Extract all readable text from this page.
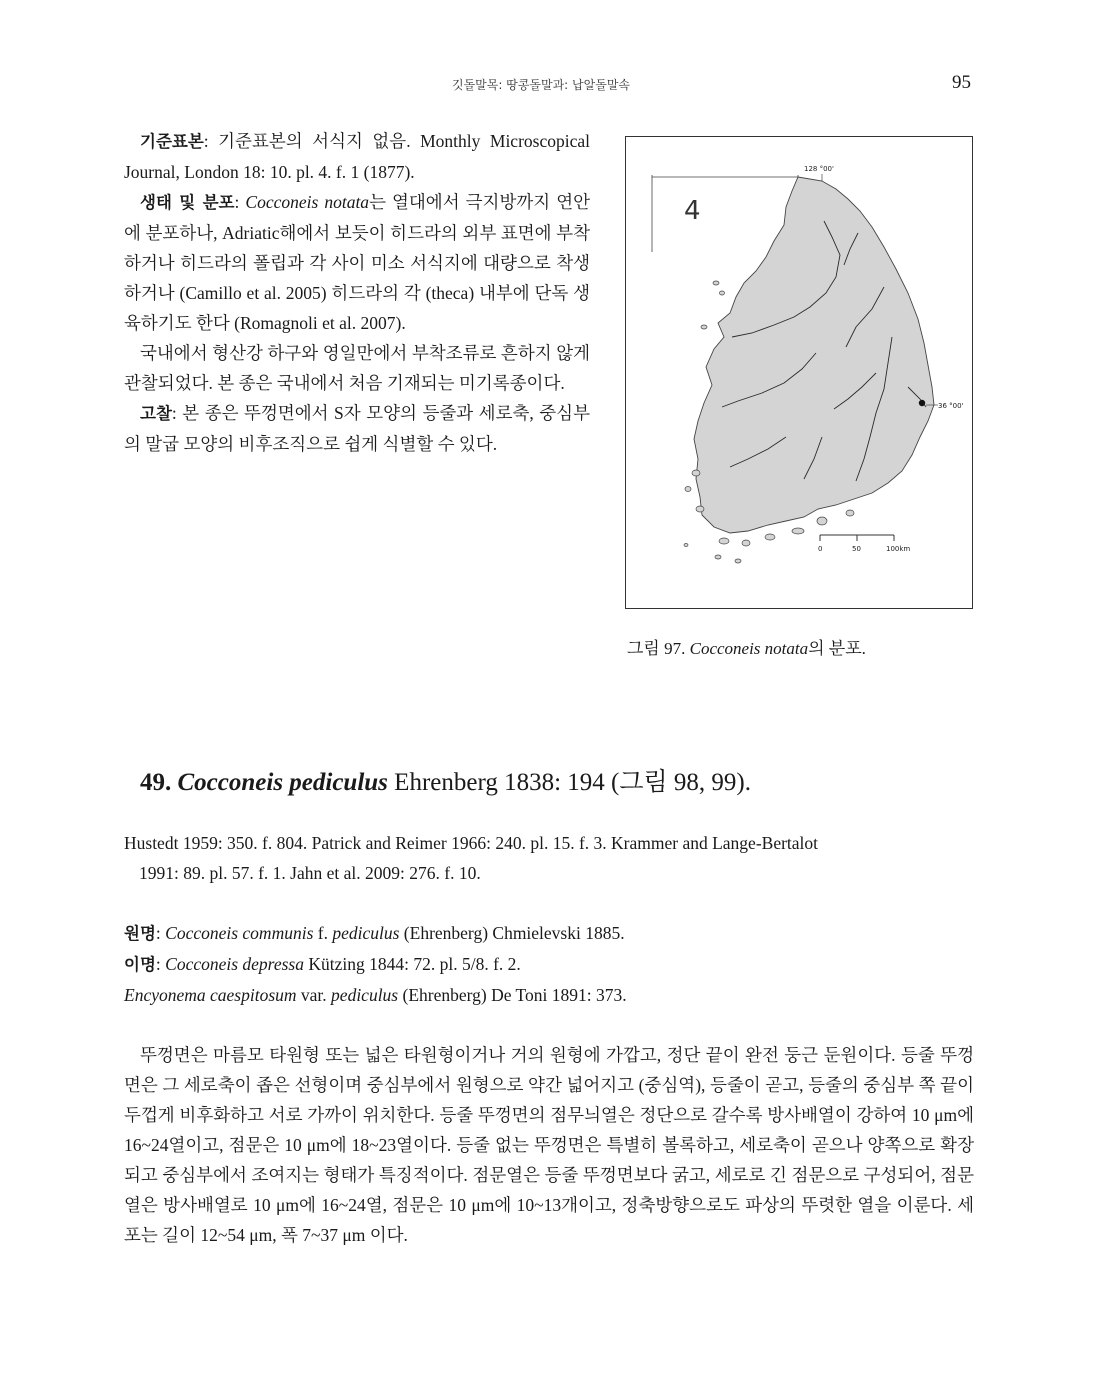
깃돌말목: 땅콩돌말과: 납알돌말속	95

기준표본: 기준표본의 서식지 없음. Monthly Microscopical Journal, London 18: 10. pl. 4. f. 1 (1877).

생태 및 분포: Cocconeis notata는 열대에서 극지방까지 연안에 분포하나, Adriatic해에서 보듯이 히드라의 외부 표면에 부착하거나 히드라의 폴립과 각 사이 미소 서식지에 대량으로 착생하거나 (Camillo et al. 2005) 히드라의 각 (theca) 내부에 단독 생육하기도 한다 (Romagnoli et al. 2007).

국내에서 형산강 하구와 영일만에서 부착조류로 흔하지 않게 관찰되었다. 본 종은 국내에서 처음 기재되는 미기록종이다.

고찰: 본 종은 뚜껑면에서 S자 모양의 등줄과 세로축, 중심부의 말굽 모양의 비후조직으로 쉽게 식별할 수 있다.

4
128 °00'
36 °00'
0	50	100km
그림 97. Cocconeis notata의 분포.
49. Cocconeis pediculus Ehrenberg 1838: 194 (그림 98, 99).
Hustedt 1959: 350. f. 804. Patrick and Reimer 1966: 240. pl. 15. f. 3. Krammer and Lange-Bertalot
1991: 89. pl. 57. f. 1. Jahn et al. 2009: 276. f. 10.
원명: Cocconeis communis f. pediculus (Ehrenberg) Chmielevski 1885.
이명: Cocconeis depressa Kützing 1844: 72. pl. 5/8. f. 2.
Encyonema caespitosum var. pediculus (Ehrenberg) De Toni 1891: 373.

뚜껑면은 마름모 타원형 또는 넓은 타원형이거나 거의 원형에 가깝고, 정단 끝이 완전 둥근 둔원이다. 등줄 뚜껑면은 그 세로축이 좁은 선형이며 중심부에서 원형으로 약간 넓어지고 (중심역), 등줄이 곧고, 등줄의 중심부 쪽 끝이 두껍게 비후화하고 서로 가까이 위치한다. 등줄 뚜껑면의 점무늬열은 정단으로 갈수록 방사배열이 강하여 10 μm에 16~24열이고, 점문은 10 μm에 18~23열이다. 등줄 없는 뚜껑면은 특별히 볼록하고, 세로축이 곧으나 양쪽으로 확장되고 중심부에서 조여지는 형태가 특징적이다. 점문열은 등줄 뚜껑면보다 굵고, 세로로 긴 점문으로 구성되어, 점문열은 방사배열로 10 μm에 16~24열, 점문은 10 μm에 10~13개이고, 정축방향으로도 파상의 뚜렷한 열을 이룬다. 세포는 길이 12~54 μm, 폭 7~37 μm 이다.
